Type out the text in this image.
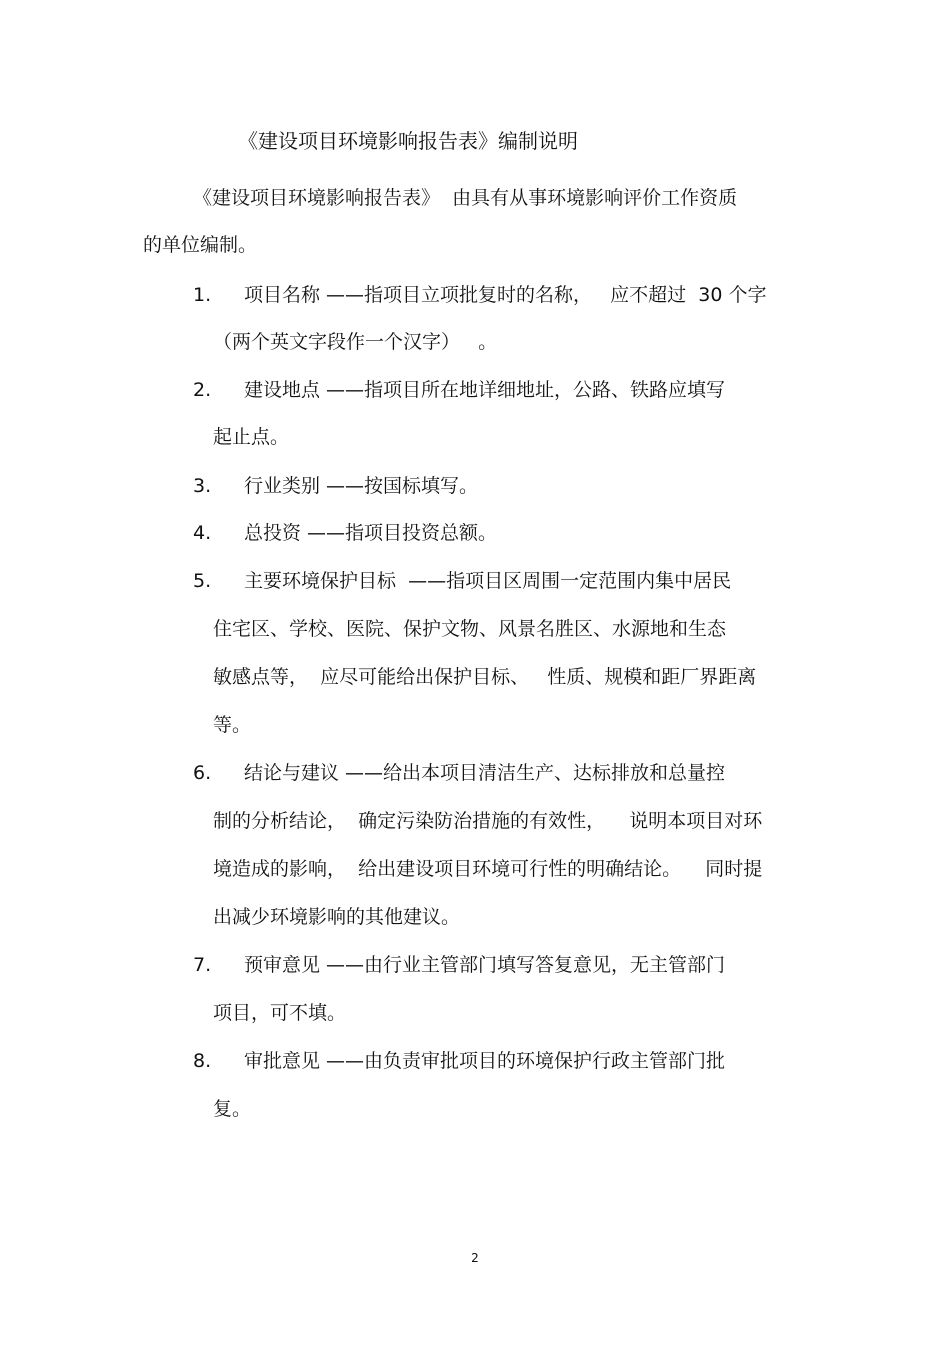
《建设项目环境影响报告表》编制说明
《建设项目环境影响报告表》  由具有从事环境影响评价工作资质
的单位编制。
1. 项目名称 ——指项目立项批复时的名称，   应不超过  30 个字
（两个英文字段作一个汉字）   。
2. 建设地点 ——指项目所在地详细地址，公路、铁路应填写
起止点。
3. 行业类别 ——按国标填写。
4. 总投资 ——指项目投资总额。
5. 主要环境保护目标  ——指项目区周围一定范围内集中居民
住宅区、学校、医院、保护文物、风景名胜区、水源地和生态
敏感点等，  应尽可能给出保护目标、   性质、规模和距厂界距离
等。
6. 结论与建议 ——给出本项目清洁生产、达标排放和总量控
制的分析结论，  确定污染防治措施的有效性，    说明本项目对环
境造成的影响，  给出建设项目环境可行性的明确结论。    同时提
出减少环境影响的其他建议。
7. 预审意见 ——由行业主管部门填写答复意见，无主管部门
项目，可不填。
8. 审批意见 ——由负责审批项目的环境保护行政主管部门批
复。
2
